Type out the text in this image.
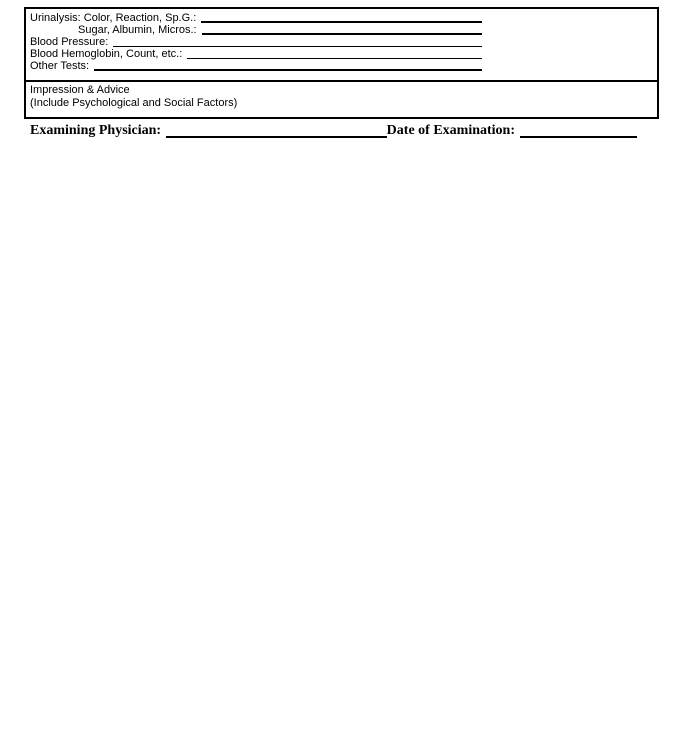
Urinalysis: Color, Reaction, Sp.G.:
Sugar, Albumin, Micros.:
Blood Pressure:
Blood Hemoglobin, Count, etc.:
Other Tests:
Impression & Advice
(Include Psychological and Social Factors)
Examining Physician:	Date of Examination:
